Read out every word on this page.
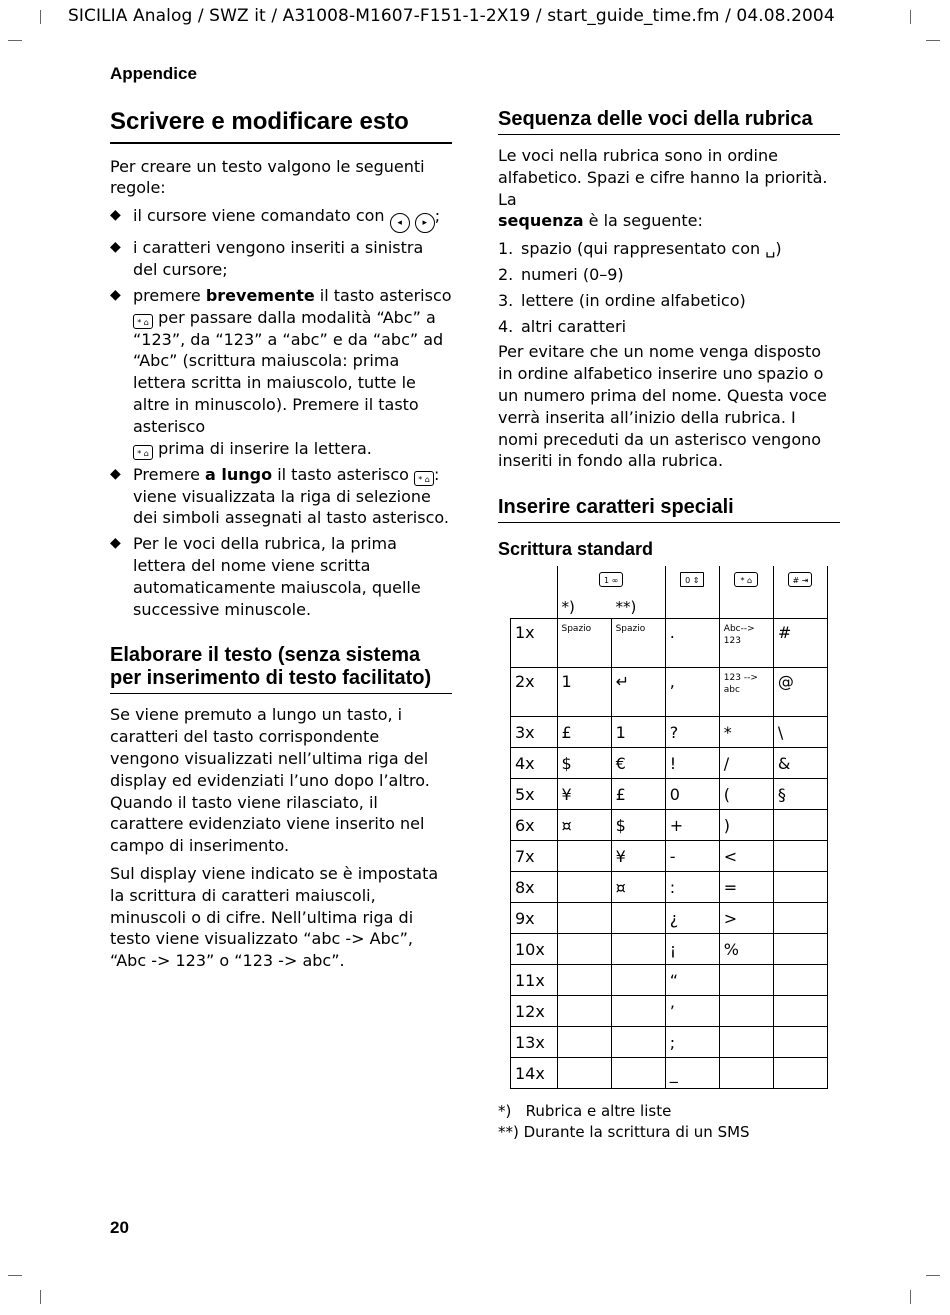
SICILIA Analog / SWZ it / A31008-M1607-F151-1-2X19 / start_guide_time.fm / 04.08.2004
Appendice
Scrivere e modificare esto
Per creare un testo valgono le seguenti regole:
◆ il cursore viene comandato con ◂ ▸ ;
◆ i caratteri vengono inseriti a sinistra del cursore;
◆ premere brevemente il tasto asterisco
* ⌂ per passare dalla modalità “Abc” a “123”, da “123” a “abc” e da “abc” ad “Abc” (scrittura maiuscola: prima lettera scritta in maiuscolo, tutte le altre in minuscolo). Premere il tasto asterisco
* ⌂ prima di inserire la lettera.
◆ Premere a lungo il tasto asterisco * ⌂ : viene visualizzata la riga di selezione dei simboli assegnati al tasto asterisco.
◆ Per le voci della rubrica, la prima lettera del nome viene scritta automaticamente maiuscola, quelle successive minuscole.
Elaborare il testo (senza sistema per inserimento di testo facilitato)
Se viene premuto a lungo un tasto, i caratteri del tasto corrispondente vengono visualizzati nell’ultima riga del display ed evidenziati l’uno dopo l’altro. Quando il tasto viene rilasciato, il carattere evidenziato viene inserito nel campo di inserimento.
Sul display viene indicato se è impostata la scrittura di caratteri maiuscoli, minuscoli o di cifre. Nell’ultima riga di testo viene visualizzato “abc -> Abc”, “Abc -> 123” o “123 -> abc”.
Sequenza delle voci della rubrica
Le voci nella rubrica sono in ordine alfabetico. Spazi e cifre hanno la priorità. La
sequenza è la seguente:
1. spazio (qui rappresentato con ␣)
2. numeri (0–9)
3. lettere (in ordine alfabetico)
4. altri caratteri
Per evitare che un nome venga disposto in ordine alfabetico inserire uno spazio o un numero prima del nome. Questa voce verrà inserita all’inizio della rubrica. I nomi preceduti da un asterisco vengono inseriti in fondo alla rubrica.
Inserire caratteri speciali
Scrittura standard

	1 ∞
*) **)		0 ⇕	* ⌂	# ⇥
1x	Spazio	Spazio	.	Abc--> 123	#
2x	1	↵	,	123 --> abc	@
3x	£	1	?	*	\
4x	$	€	!	/	&
5x	¥	£	0	(	§
6x	¤	$	+	)	
7x		¥	-	<	
8x		¤	:	=	
9x			¿	>	
10x			¡	%	
11x			“		
12x			’		
13x			;		
14x			_		
*)   Rubrica e altre liste
**) Durante la scrittura di un SMS
20
